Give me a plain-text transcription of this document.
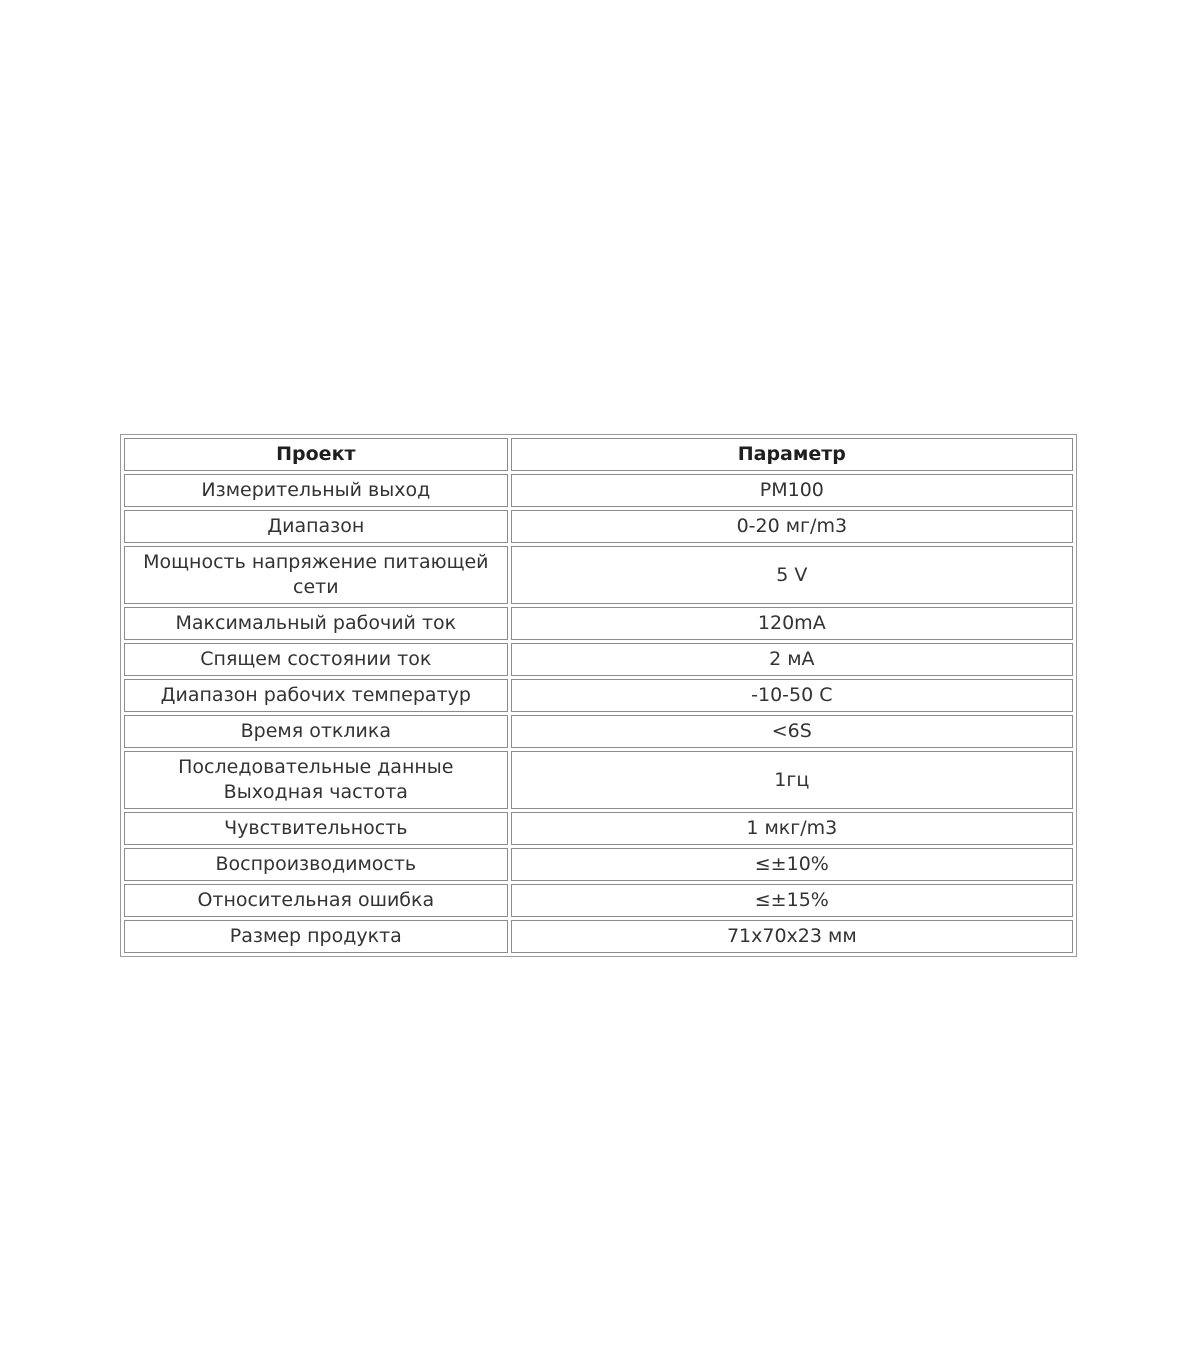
Проект	Параметр
Измерительный выход	PM100
Диапазон	0-20 мг/m3
Мощность напряжение питающей сети	5 V
Максимальный рабочий ток	120mA
Спящем состоянии ток	2 мА
Диапазон рабочих температур	-10-50 C
Время отклика	<6S
Последовательные данные Выходная частота	1гц
Чувствительность	1 мкг/m3
Воспроизводимость	≤±10%
Относительная ошибка	≤±15%
Размер продукта	71x70x23 мм
